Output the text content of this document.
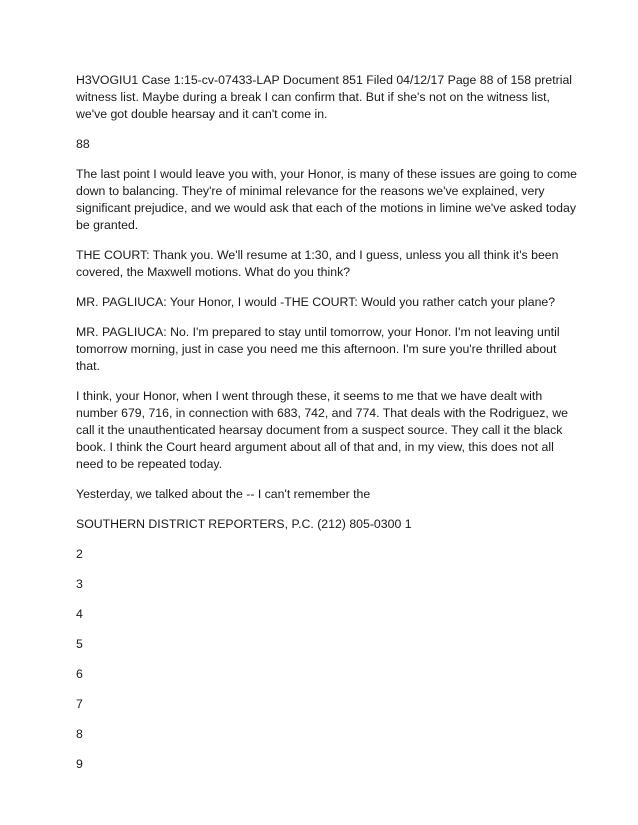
H3VOGIU1 Case 1:15-cv-07433-LAP Document 851 Filed 04/12/17 Page 88 of 158 pretrial witness list. Maybe during a break I can confirm that. But if she's not on the witness list, we've got double hearsay and it can't come in.

88

The last point I would leave you with, your Honor, is many of these issues are going to come down to balancing. They're of minimal relevance for the reasons we've explained, very significant prejudice, and we would ask that each of the motions in limine we've asked today be granted.

THE COURT: Thank you. We'll resume at 1:30, and I guess, unless you all think it's been covered, the Maxwell motions. What do you think?

MR. PAGLIUCA: Your Honor, I would -THE COURT: Would you rather catch your plane?

MR. PAGLIUCA: No. I'm prepared to stay until tomorrow, your Honor. I'm not leaving until tomorrow morning, just in case you need me this afternoon. I'm sure you're thrilled about that.

I think, your Honor, when I went through these, it seems to me that we have dealt with number 679, 716, in connection with 683, 742, and 774. That deals with the Rodriguez, we call it the unauthenticated hearsay document from a suspect source. They call it the black book. I think the Court heard argument about all of that and, in my view, this does not all need to be repeated today.

Yesterday, we talked about the -- I can't remember the

SOUTHERN DISTRICT REPORTERS, P.C. (212) 805-0300 1

2

3

4

5

6

7

8

9
